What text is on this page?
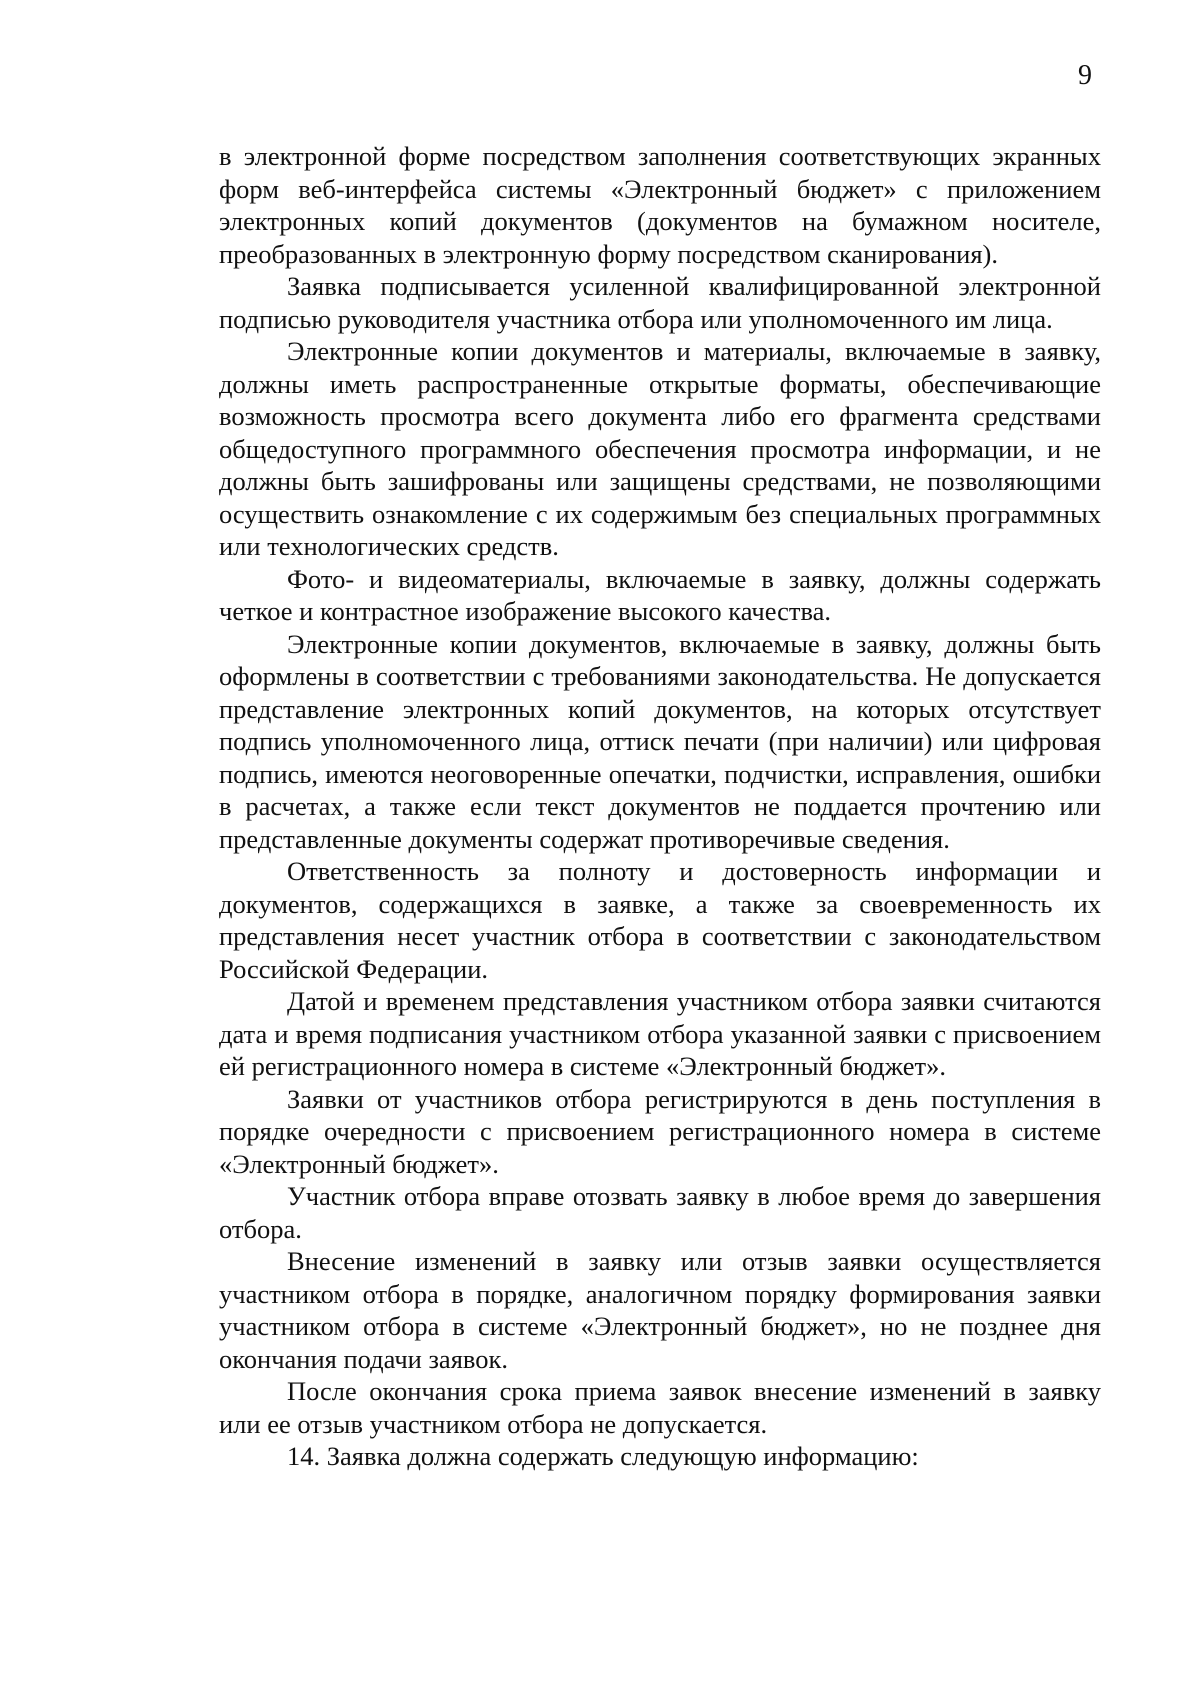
9

в электронной форме посредством заполнения соответствующих экранных форм веб-интерфейса системы «Электронный бюджет» с приложением электронных копий документов (документов на бумажном носителе, преобразованных в электронную форму посредством сканирования).

Заявка подписывается усиленной квалифицированной электронной подписью руководителя участника отбора или уполномоченного им лица.

Электронные копии документов и материалы, включаемые в заявку, должны иметь распространенные открытые форматы, обеспечивающие возможность просмотра всего документа либо его фрагмента средствами общедоступного программного обеспечения просмотра информации, и не должны быть зашифрованы или защищены средствами, не позволяющими осуществить ознакомление с их содержимым без специальных программных или технологических средств.

Фото- и видеоматериалы, включаемые в заявку, должны содержать четкое и контрастное изображение высокого качества.

Электронные копии документов, включаемые в заявку, должны быть оформлены в соответствии с требованиями законодательства. Не допускается представление электронных копий документов, на которых отсутствует подпись уполномоченного лица, оттиск печати (при наличии) или цифровая подпись, имеются неоговоренные опечатки, подчистки, исправления, ошибки в расчетах, а также если текст документов не поддается прочтению или представленные документы содержат противоречивые сведения.

Ответственность за полноту и достоверность информации и документов, содержащихся в заявке, а также за своевременность их представления несет участник отбора в соответствии с законодательством Российской Федерации.

Датой и временем представления участником отбора заявки считаются дата и время подписания участником отбора указанной заявки с присвоением ей регистрационного номера в системе «Электронный бюджет».

Заявки от участников отбора регистрируются в день поступления в порядке очередности с присвоением регистрационного номера в системе «Электронный бюджет».

Участник отбора вправе отозвать заявку в любое время до завершения отбора.

Внесение изменений в заявку или отзыв заявки осуществляется участником отбора в порядке, аналогичном порядку формирования заявки участником отбора в системе «Электронный бюджет», но не позднее дня окончания подачи заявок.

После окончания срока приема заявок внесение изменений в заявку или ее отзыв участником отбора не допускается.

14. Заявка должна содержать следующую информацию:
